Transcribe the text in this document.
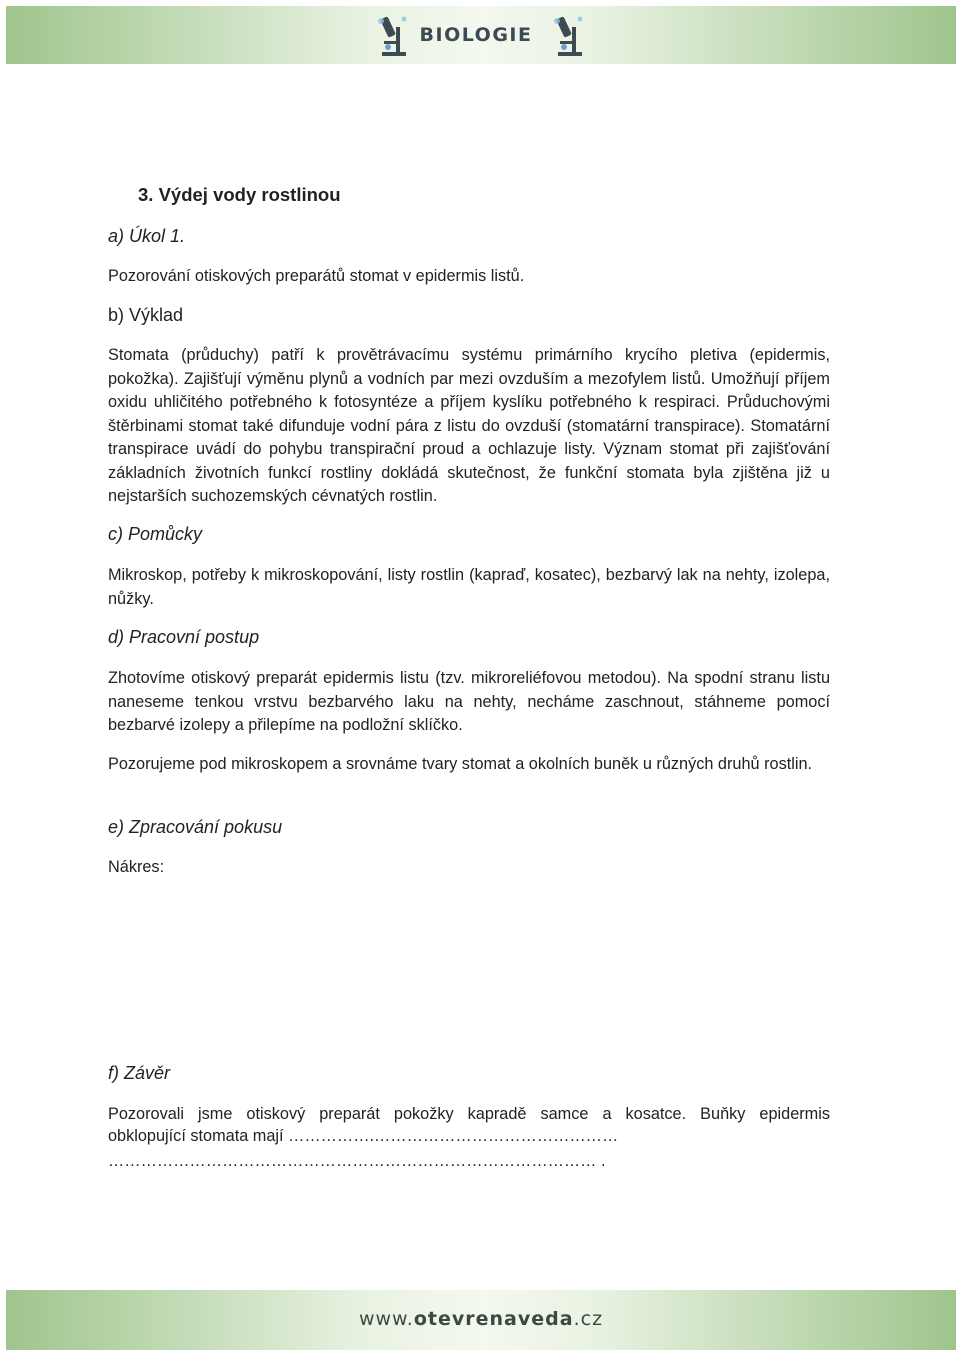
BIOLOGIE
3. Výdej vody rostlinou
a) Úkol 1.
Pozorování otiskových preparátů stomat v epidermis listů.
b) Výklad
Stomata (průduchy) patří k provětrávacímu systému primárního krycího pletiva (epidermis, pokožka). Zajišťují výměnu plynů a vodních par mezi ovzduším a mezofylem listů. Umožňují příjem oxidu uhličitého potřebného k fotosyntéze a příjem kyslíku potřebného k respiraci. Průduchovými štěrbinami stomat také difunduje vodní pára z listu do ovzduší (stomatární transpirace). Stomatární transpirace uvádí do pohybu transpirační proud a ochlazuje listy. Význam stomat při zajišťování základních životních funkcí rostliny dokládá skutečnost, že funkční stomata byla zjištěna již u nejstarších suchozemských cévnatých rostlin.
c) Pomůcky
Mikroskop, potřeby k mikroskopování, listy rostlin (kapraď, kosatec), bezbarvý lak na nehty, izolepa, nůžky.
d) Pracovní postup
Zhotovíme otiskový preparát epidermis listu (tzv. mikroreliéfovou metodou). Na spodní stranu listu naneseme tenkou vrstvu bezbarvého laku na nehty, necháme zaschnout, stáhneme pomocí bezbarvé izolepy a přilepíme na podložní sklíčko.
Pozorujeme pod mikroskopem a srovnáme tvary stomat a okolních buněk u různých druhů rostlin.
e) Zpracování pokusu
Nákres:
f) Závěr
Pozorovali jsme otiskový preparát pokožky kapradě samce a kosatce. Buňky epidermis
obklopující stomata mají …………….………………………………………
……………………………………………………………………………… .
www.otevrenaveda.cz
